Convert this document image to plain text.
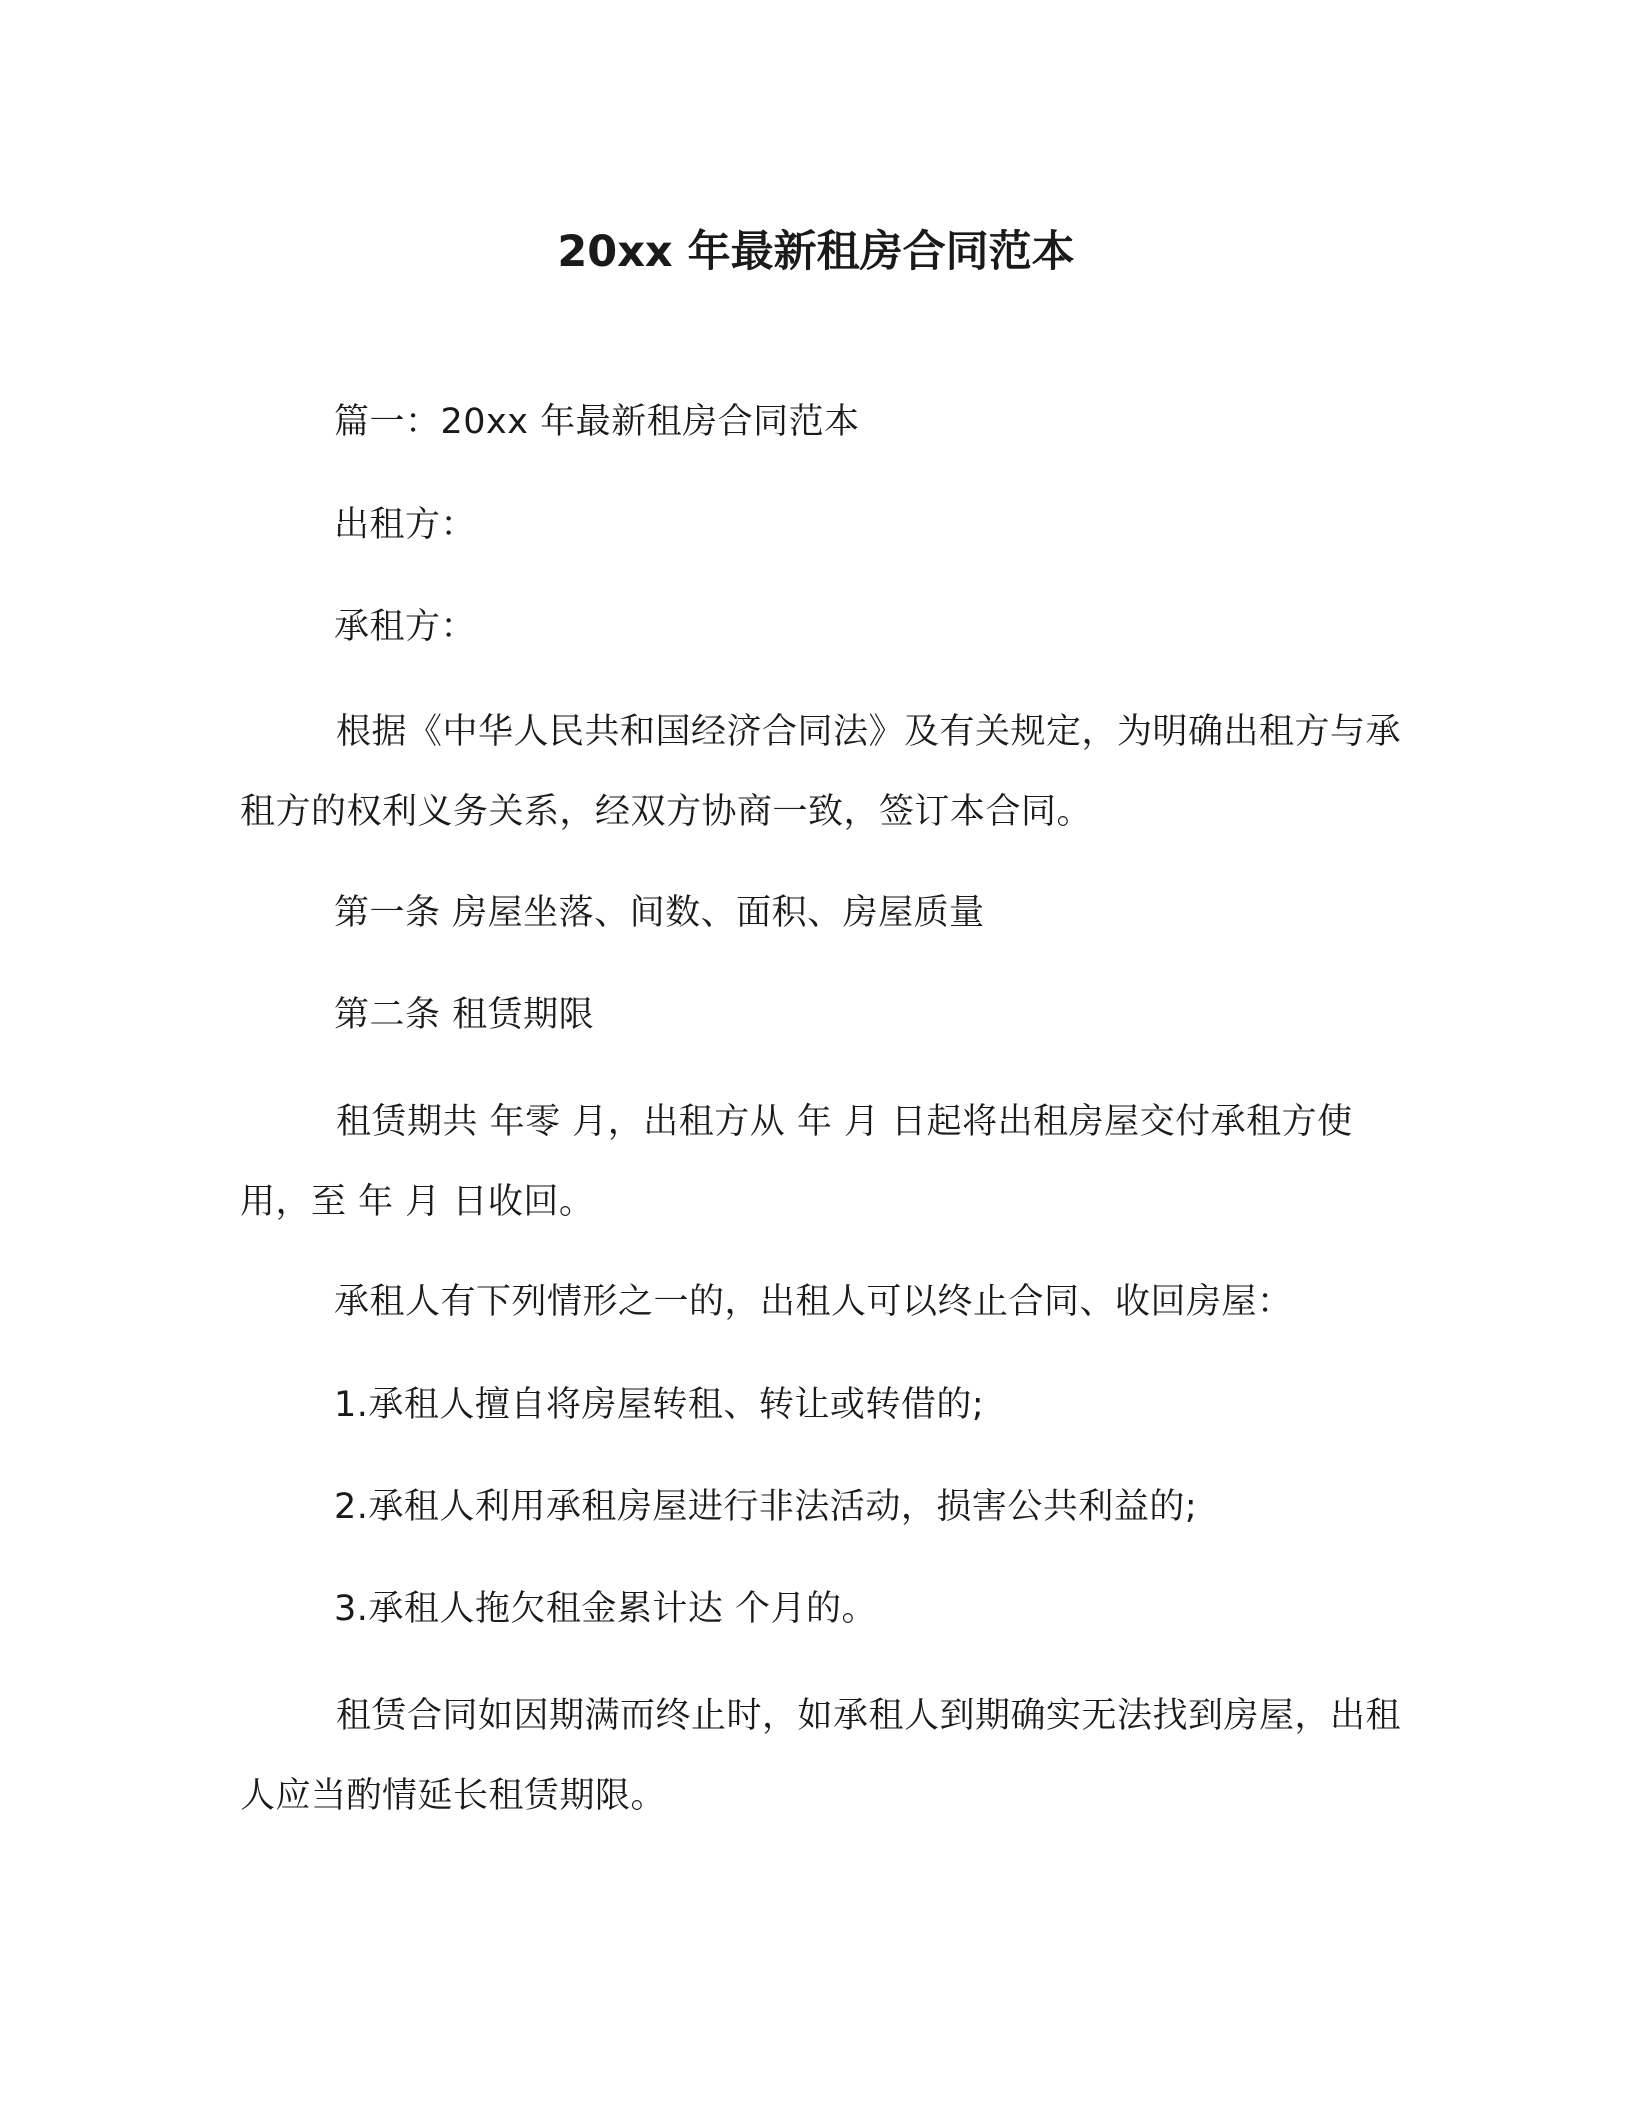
20xx 年最新租房合同范本
篇一：20xx 年最新租房合同范本
出租方：
承租方：
根据《中华人民共和国经济合同法》及有关规定，为明确出租方与承租方的权利义务关系，经双方协商一致，签订本合同。
第一条 房屋坐落、间数、面积、房屋质量
第二条 租赁期限
租赁期共 年零 月，出租方从 年 月 日起将出租房屋交付承租方使用，至 年 月 日收回。
承租人有下列情形之一的，出租人可以终止合同、收回房屋：
1.承租人擅自将房屋转租、转让或转借的;
2.承租人利用承租房屋进行非法活动，损害公共利益的;
3.承租人拖欠租金累计达 个月的。
租赁合同如因期满而终止时，如承租人到期确实无法找到房屋，出租人应当酌情延长租赁期限。
